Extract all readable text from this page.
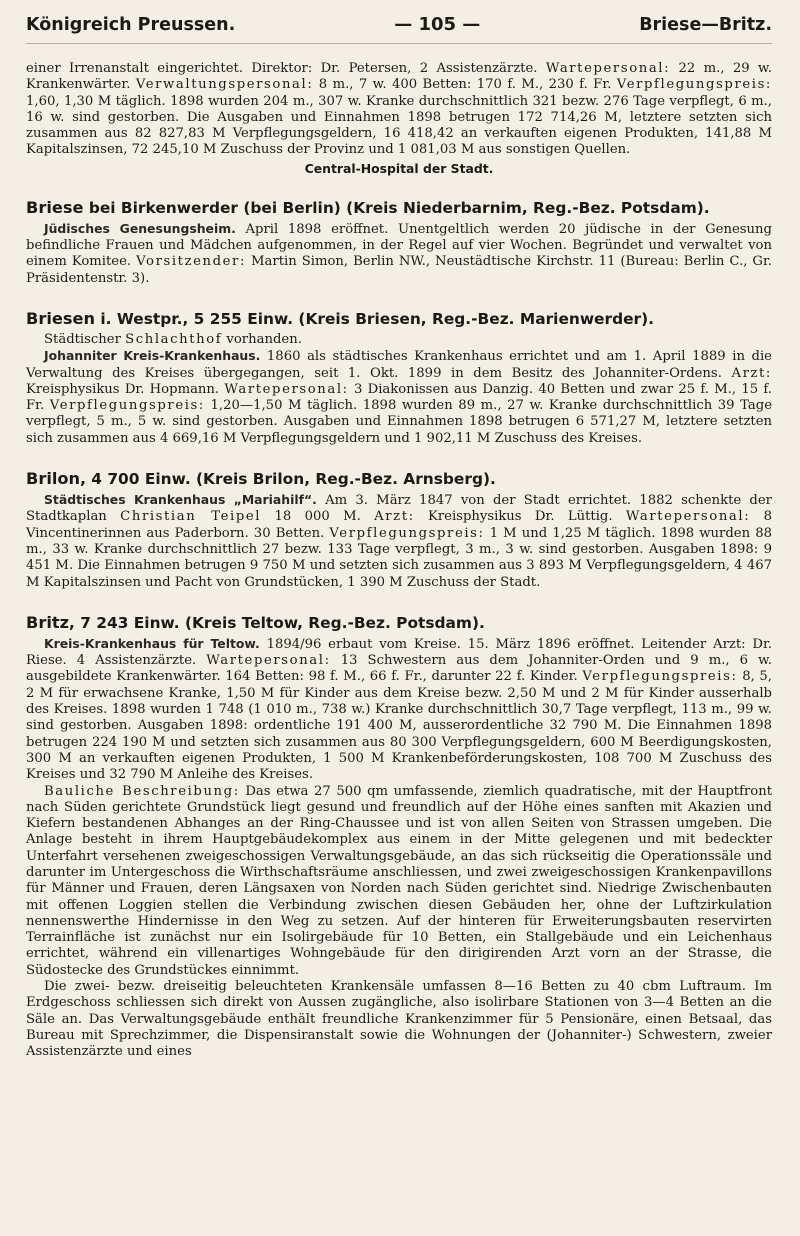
Königreich Preussen.	— 105 —	Briese—Britz.

einer Irrenanstalt eingerichtet. Direktor: Dr. Petersen, 2 Assistenzärzte. Wartepersonal: 22 m., 29 w. Krankenwärter. Verwaltungspersonal: 8 m., 7 w. 400 Betten: 170 f. M., 230 f. Fr. Verpflegungspreis: 1,60, 1,30 M täglich. 1898 wurden 204 m., 307 w. Kranke durchschnittlich 321 bezw. 276 Tage verpflegt, 6 m., 16 w. sind gestorben. Die Ausgaben und Einnahmen 1898 betrugen 172 714,26 M, letztere setzten sich zusammen aus 82 827,83 M Verpflegungsgeldern, 16 418,42 an verkauften eigenen Produkten, 141,88 M Kapitalszinsen, 72 245,10 M Zuschuss der Provinz und 1 081,03 M aus sonstigen Quellen.

Central-Hospital der Stadt.
Briese bei Birkenwerder (bei Berlin) (Kreis Niederbarnim, Reg.-Bez. Potsdam).

Jüdisches Genesungsheim. April 1898 eröffnet. Unentgeltlich werden 20 jüdische in der Genesung befindliche Frauen und Mädchen aufgenommen, in der Regel auf vier Wochen. Begründet und verwaltet von einem Komitee. Vorsitzender: Martin Simon, Berlin NW., Neustädtische Kirchstr. 11 (Bureau: Berlin C., Gr. Präsidentenstr. 3).

Briesen i. Westpr., 5 255 Einw. (Kreis Briesen, Reg.-Bez. Marienwerder).

Städtischer Schlachthof vorhanden.

Johanniter Kreis-Krankenhaus. 1860 als städtisches Krankenhaus errichtet und am 1. April 1889 in die Verwaltung des Kreises übergegangen, seit 1. Okt. 1899 in dem Besitz des Johanniter-Ordens. Arzt: Kreisphysikus Dr. Hopmann. Wartepersonal: 3 Diakonissen aus Danzig. 40 Betten und zwar 25 f. M., 15 f. Fr. Verpflegungspreis: 1,20—1,50 M täglich. 1898 wurden 89 m., 27 w. Kranke durchschnittlich 39 Tage verpflegt, 5 m., 5 w. sind gestorben. Ausgaben und Einnahmen 1898 betrugen 6 571,27 M, letztere setzten sich zusammen aus 4 669,16 M Verpflegungsgeldern und 1 902,11 M Zuschuss des Kreises.

Brilon, 4 700 Einw. (Kreis Brilon, Reg.-Bez. Arnsberg).

Städtisches Krankenhaus „Mariahilf“. Am 3. März 1847 von der Stadt errichtet. 1882 schenkte der Stadtkaplan Christian Teipel 18 000 M. Arzt: Kreisphysikus Dr. Lüttig. Wartepersonal: 8 Vincentinerinnen aus Paderborn. 30 Betten. Verpflegungspreis: 1 M und 1,25 M täglich. 1898 wurden 88 m., 33 w. Kranke durchschnittlich 27 bezw. 133 Tage verpflegt, 3 m., 3 w. sind gestorben. Ausgaben 1898: 9 451 M. Die Einnahmen betrugen 9 750 M und setzten sich zusammen aus 3 893 M Verpflegungsgeldern, 4 467 M Kapitalszinsen und Pacht von Grundstücken, 1 390 M Zuschuss der Stadt.

Britz, 7 243 Einw. (Kreis Teltow, Reg.-Bez. Potsdam).

Kreis-Krankenhaus für Teltow. 1894/96 erbaut vom Kreise. 15. März 1896 eröffnet. Leitender Arzt: Dr. Riese. 4 Assistenzärzte. Wartepersonal: 13 Schwestern aus dem Johanniter-Orden und 9 m., 6 w. ausgebildete Krankenwärter. 164 Betten: 98 f. M., 66 f. Fr., darunter 22 f. Kinder. Verpflegungspreis: 8, 5, 2 M für erwachsene Kranke, 1,50 M für Kinder aus dem Kreise bezw. 2,50 M und 2 M für Kinder ausserhalb des Kreises. 1898 wurden 1 748 (1 010 m., 738 w.) Kranke durchschnittlich 30,7 Tage verpflegt, 113 m., 99 w. sind gestorben. Ausgaben 1898: ordentliche 191 400 M, ausserordentliche 32 790 M. Die Einnahmen 1898 betrugen 224 190 M und setzten sich zusammen aus 80 300 Verpflegungsgeldern, 600 M Beerdigungskosten, 300 M an verkauften eigenen Produkten, 1 500 M Krankenbeförderungskosten, 108 700 M Zuschuss des Kreises und 32 790 M Anleihe des Kreises.

Bauliche Beschreibung: Das etwa 27 500 qm umfassende, ziemlich quadratische, mit der Hauptfront nach Süden gerichtete Grundstück liegt gesund und freundlich auf der Höhe eines sanften mit Akazien und Kiefern bestandenen Abhanges an der Ring-Chaussee und ist von allen Seiten von Strassen umgeben. Die Anlage besteht in ihrem Hauptgebäudekomplex aus einem in der Mitte gelegenen und mit bedeckter Unterfahrt versehenen zweigeschossigen Verwaltungsgebäude, an das sich rückseitig die Operationssäle und darunter im Untergeschoss die Wirthschaftsräume anschliessen, und zwei zweigeschossigen Krankenpavillons für Männer und Frauen, deren Längsaxen von Norden nach Süden gerichtet sind. Niedrige Zwischenbauten mit offenen Loggien stellen die Verbindung zwischen diesen Gebäuden her, ohne der Luftzirkulation nennenswerthe Hindernisse in den Weg zu setzen. Auf der hinteren für Erweiterungsbauten reservirten Terrainfläche ist zunächst nur ein Isolirgebäude für 10 Betten, ein Stallgebäude und ein Leichenhaus errichtet, während ein villenartiges Wohngebäude für den dirigirenden Arzt vorn an der Strasse, die Südostecke des Grundstückes einnimmt.

Die zwei- bezw. dreiseitig beleuchteten Krankensäle umfassen 8—16 Betten zu 40 cbm Luftraum. Im Erdgeschoss schliessen sich direkt von Aussen zugängliche, also isolirbare Stationen von 3—4 Betten an die Säle an. Das Verwaltungsgebäude enthält freundliche Krankenzimmer für 5 Pensionäre, einen Betsaal, das Bureau mit Sprechzimmer, die Dispensiranstalt sowie die Wohnungen der (Johanniter-) Schwestern, zweier Assistenzärzte und eines
